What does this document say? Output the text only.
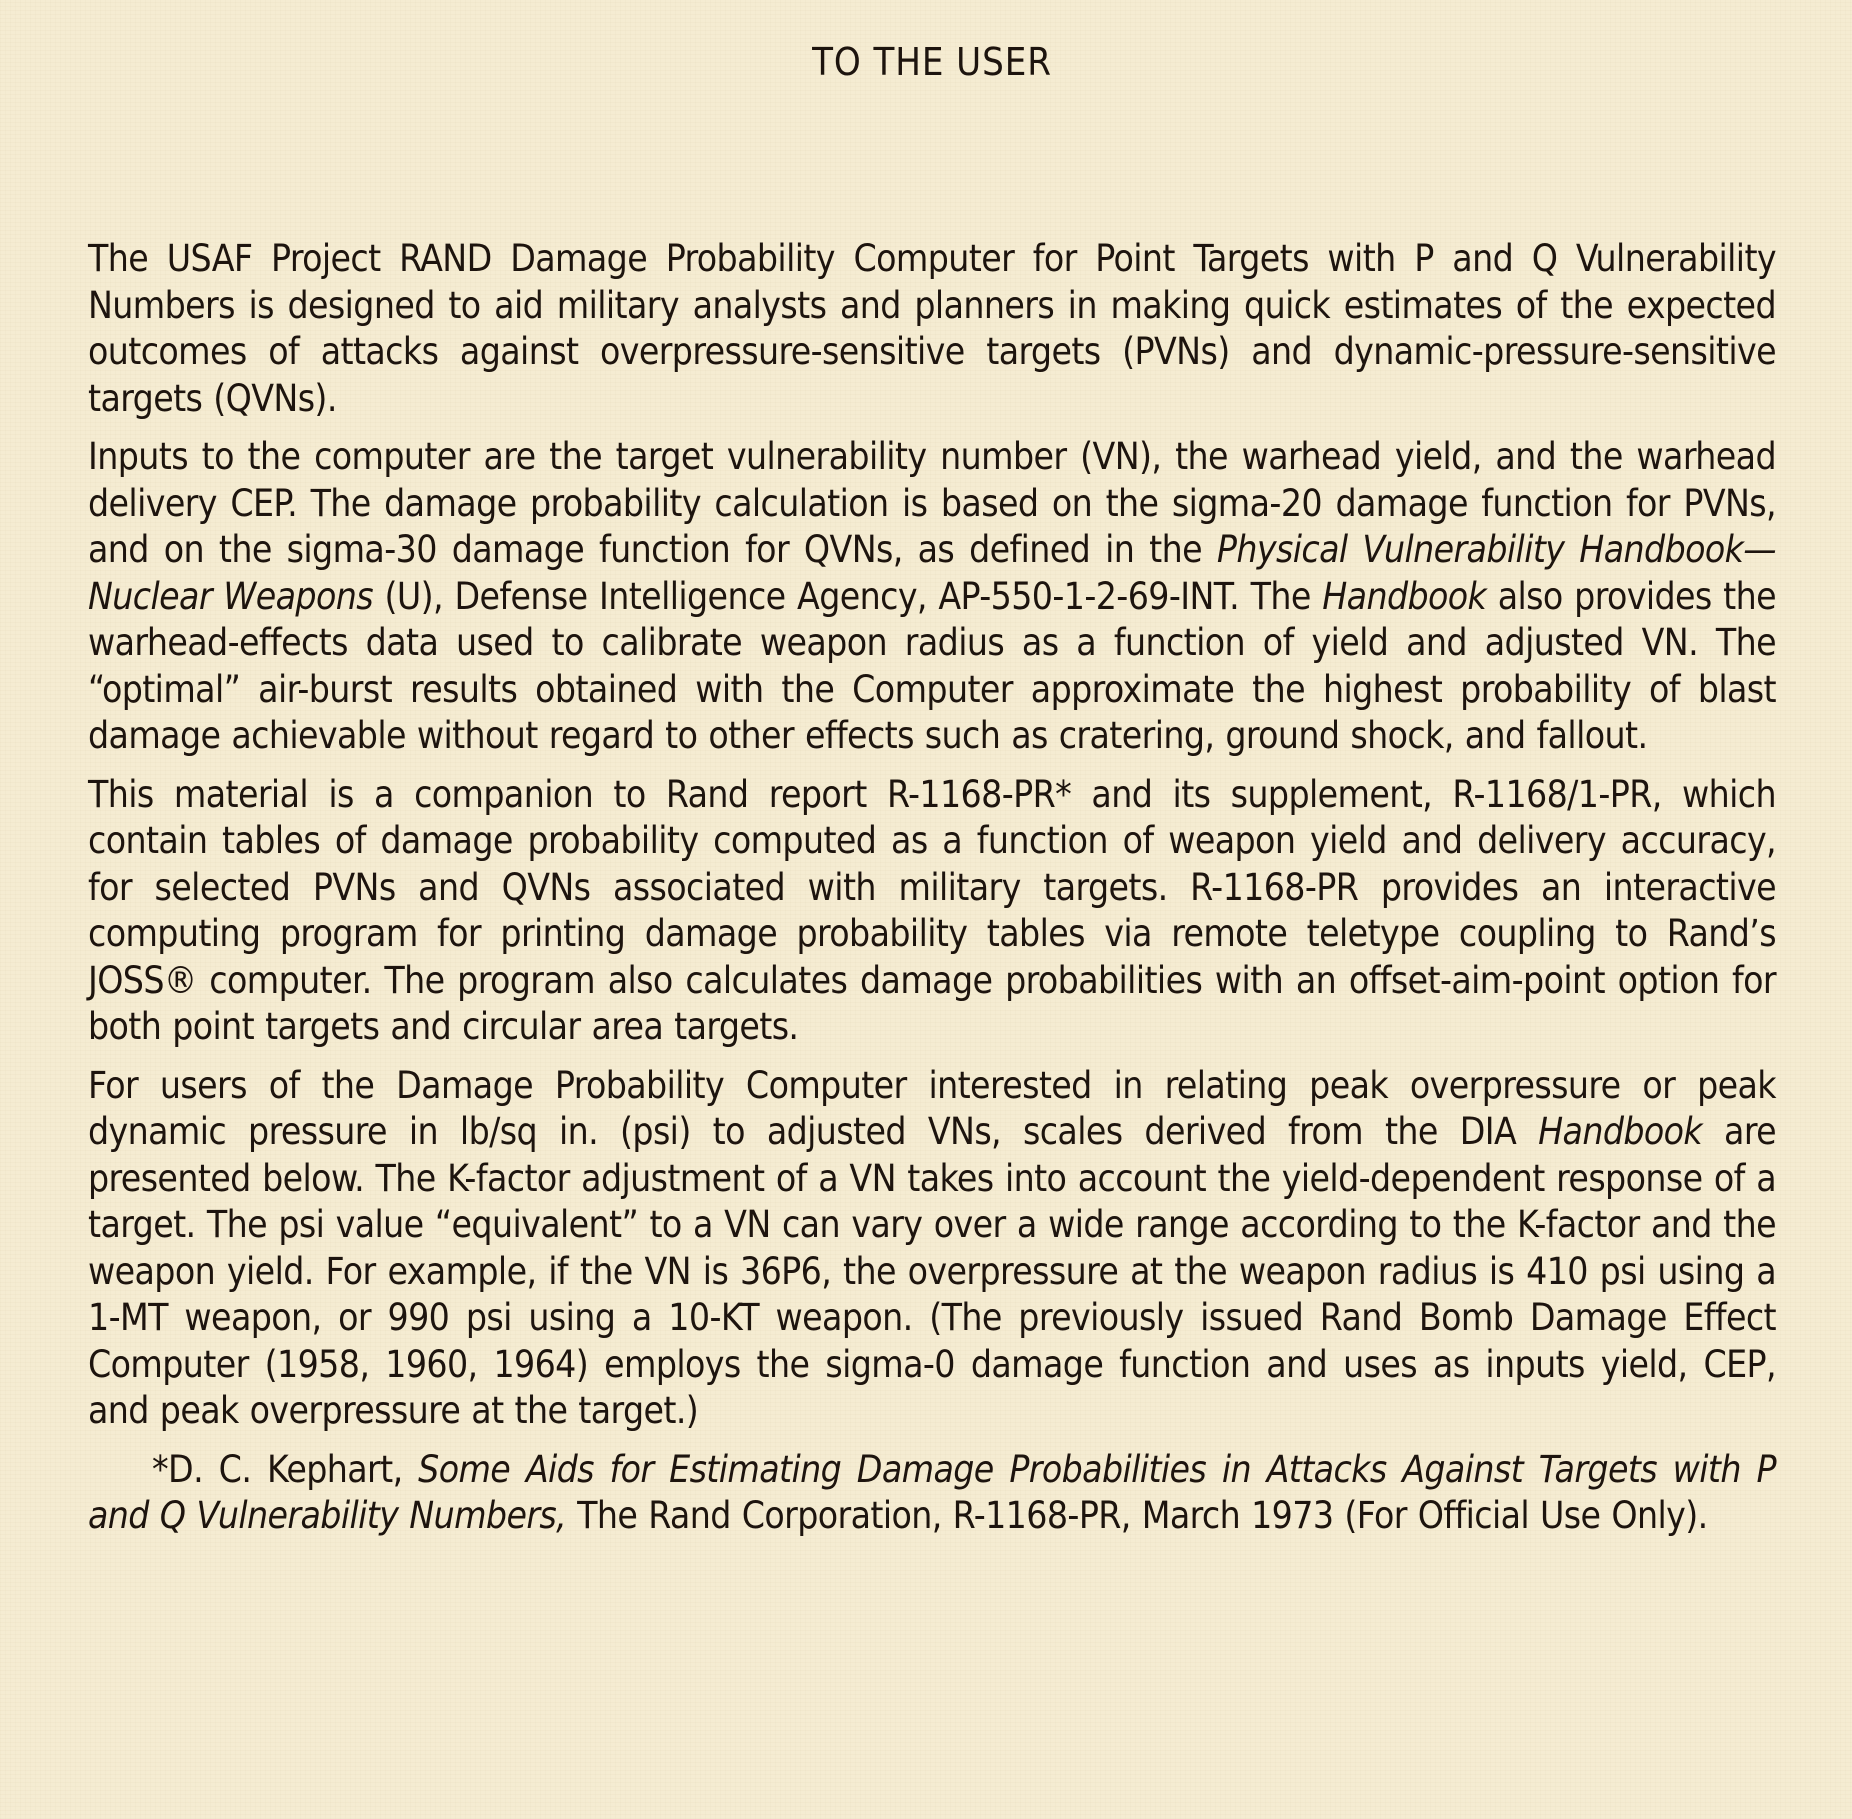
TO THE USER

The USAF Project RAND Damage Probability Computer for Point Targets with P and Q Vulnerability Numbers is designed to aid military analysts and planners in making quick estimates of the expected outcomes of attacks against overpressure-sensitive targets (PVNs) and dynamic-pressure-sensitive targets (QVNs).

Inputs to the computer are the target vulnerability number (VN), the warhead yield, and the warhead delivery CEP. The damage probability calculation is based on the sigma-20 damage function for PVNs, and on the sigma-30 damage function for QVNs, as defined in the Physical Vulnerability Handbook—Nuclear Weapons (U), Defense Intelligence Agency, AP-550-1-2-69-INT. The Handbook also provides the warhead-effects data used to calibrate weapon radius as a function of yield and adjusted VN. The “optimal” air-burst results obtained with the Computer approximate the highest probability of blast damage achievable without regard to other effects such as cratering, ground shock, and fallout.

This material is a companion to Rand report R-1168-PR* and its supplement, R-1168/1-PR, which contain tables of damage probability computed as a function of weapon yield and delivery accuracy, for selected PVNs and QVNs associated with military targets. R-1168-PR provides an interactive computing program for printing damage probability tables via remote teletype coupling to Rand’s JOSS® computer. The program also calculates damage probabilities with an offset-aim-point option for both point targets and circular area targets.

For users of the Damage Probability Computer interested in relating peak overpressure or peak dynamic pressure in lb/sq in. (psi) to adjusted VNs, scales derived from the DIA Handbook are presented below. The K-factor adjustment of a VN takes into account the yield-dependent response of a target. The psi value “equivalent” to a VN can vary over a wide range according to the K-factor and the weapon yield. For example, if the VN is 36P6, the overpressure at the weapon radius is 410 psi using a 1-MT weapon, or 990 psi using a 10-KT weapon. (The previously issued Rand Bomb Damage Effect Computer (1958, 1960, 1964) employs the sigma-0 damage function and uses as inputs yield, CEP, and peak overpressure at the target.)

*D. C. Kephart, Some Aids for Estimating Damage Probabilities in Attacks Against Targets with P and Q Vulnerability Numbers, The Rand Corporation, R-1168-PR, March 1973 (For Official Use Only).
